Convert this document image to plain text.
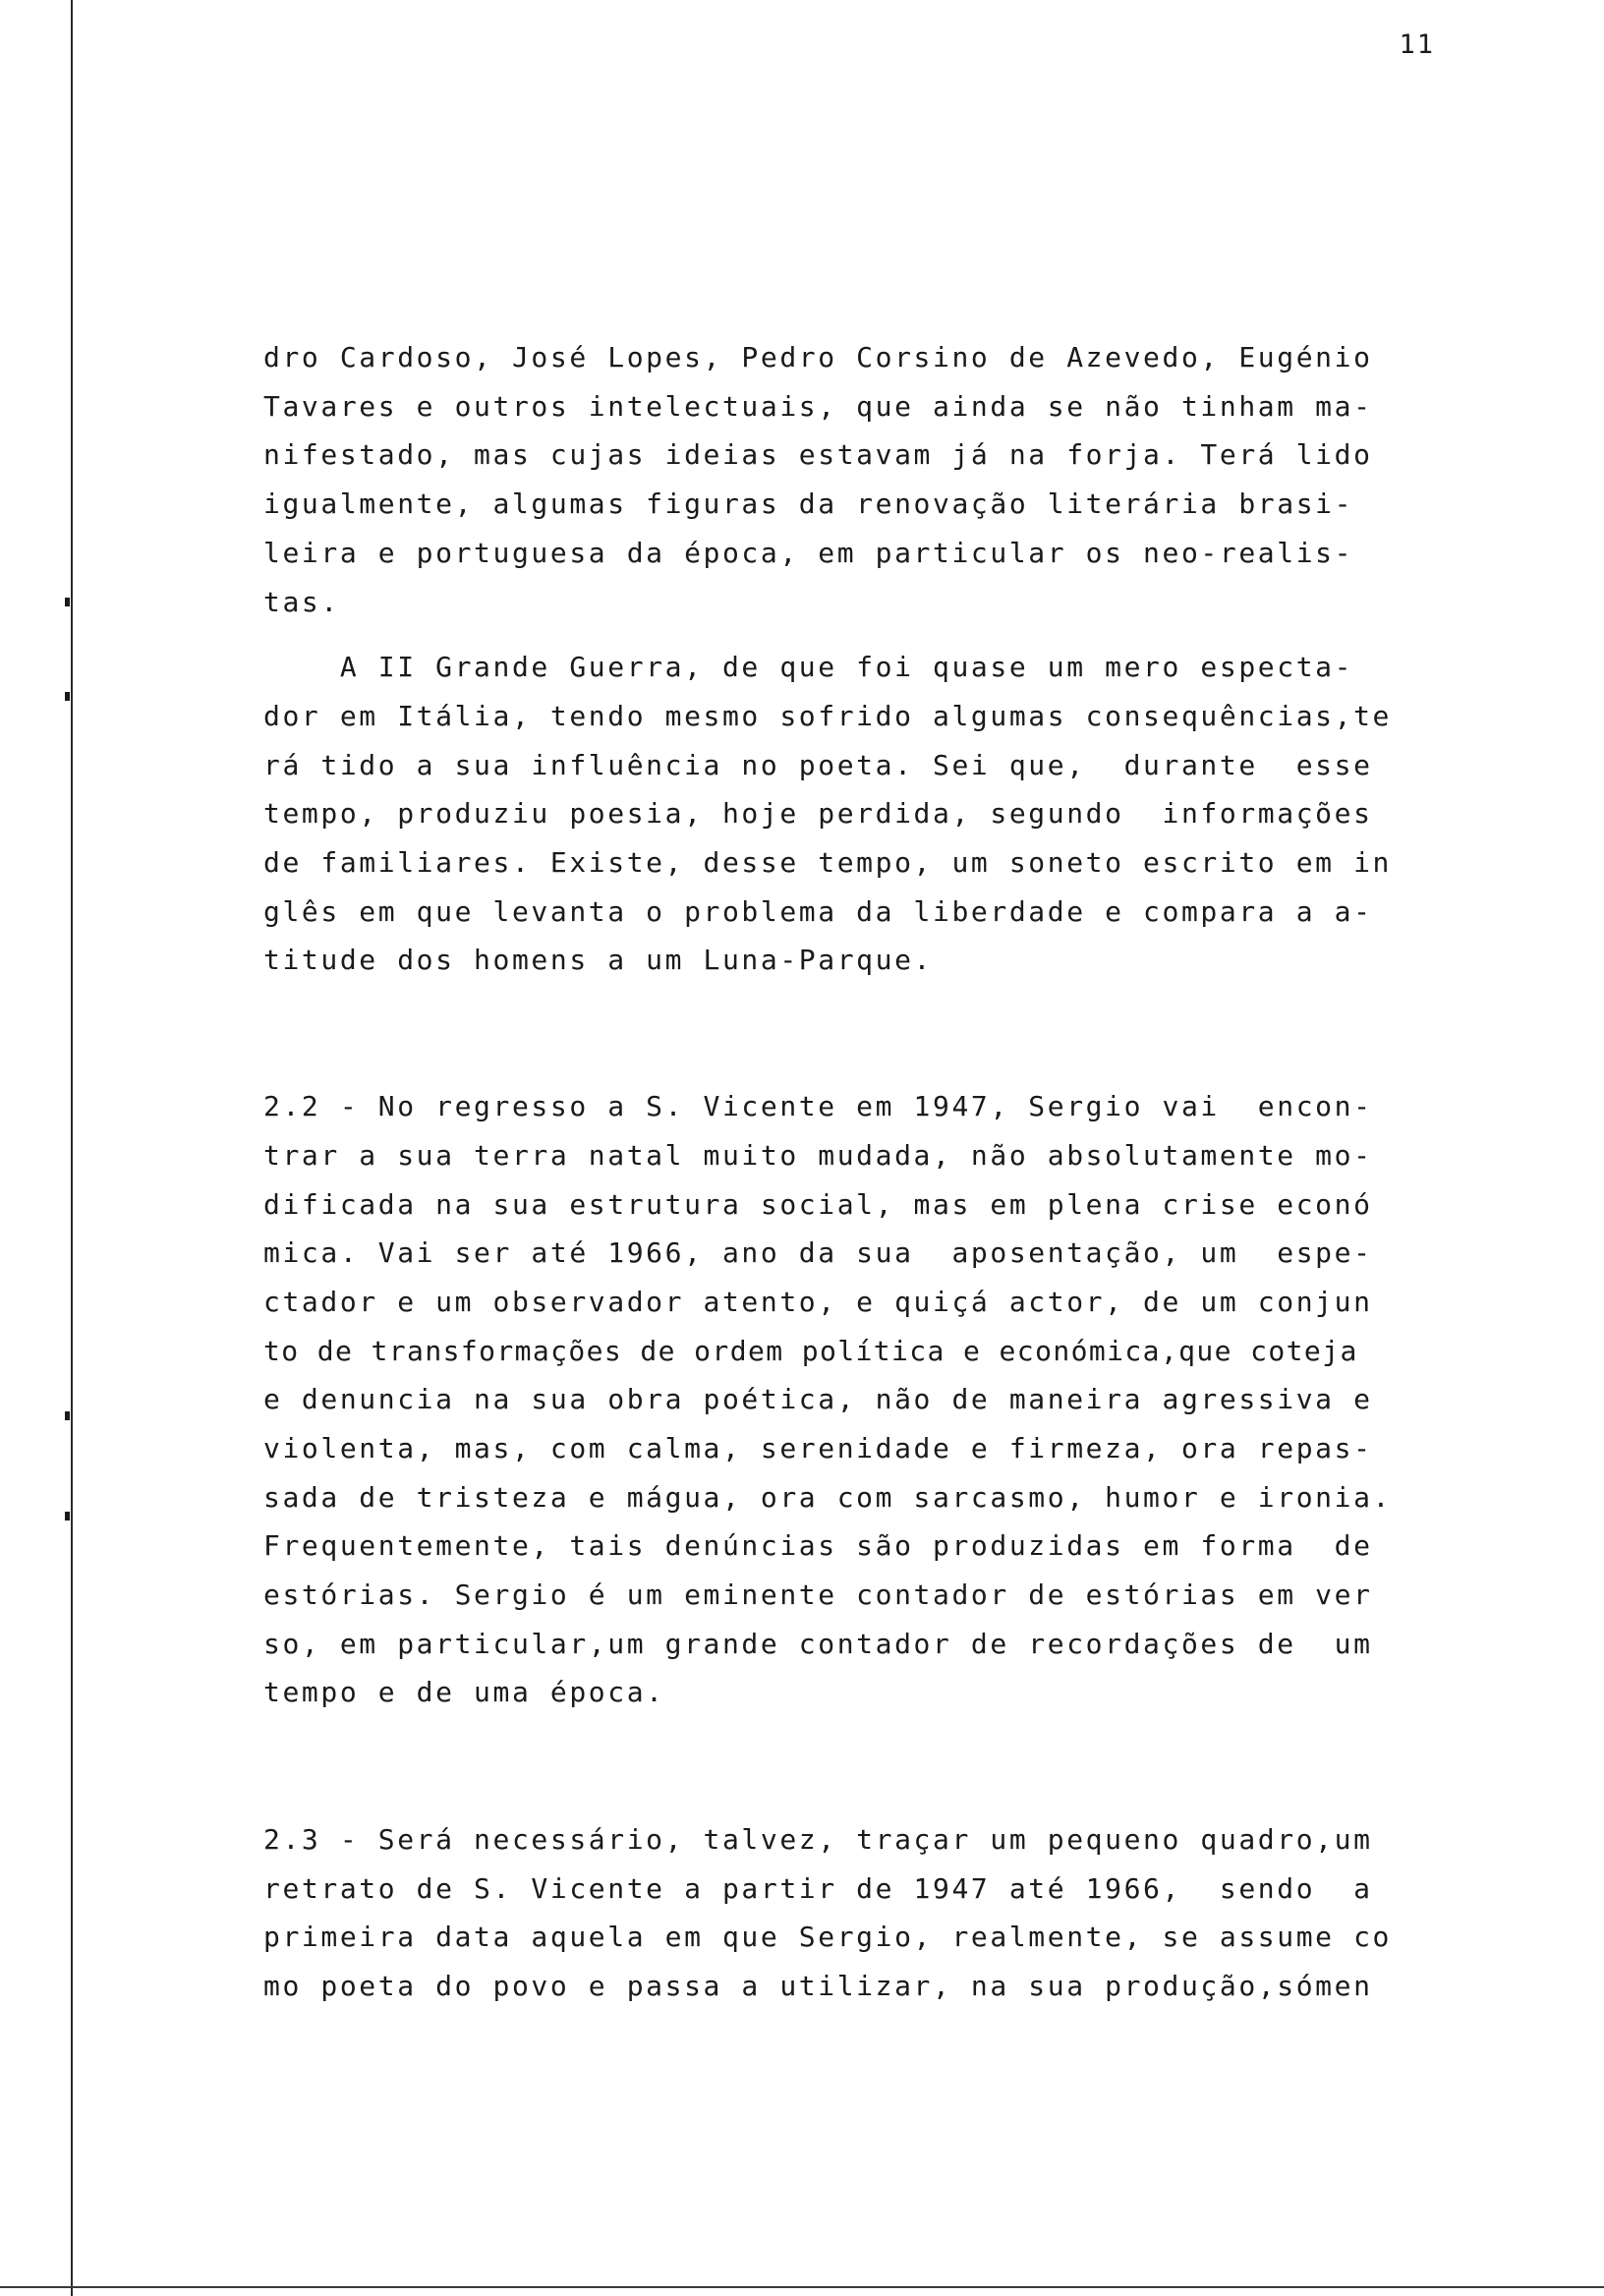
11
dro Cardoso, José Lopes, Pedro Corsino de Azevedo, Eugénio
Tavares e outros intelectuais, que ainda se não tinham ma-
nifestado, mas cujas ideias estavam já na forja. Terá lido
igualmente, algumas figuras da renovação literária brasi-
leira e portuguesa da época, em particular os neo-realis-
tas.
A II Grande Guerra, de que foi quase um mero especta-
dor em Itália, tendo mesmo sofrido algumas consequências,te
rá tido a sua influência no poeta. Sei que,  durante  esse
tempo, produziu poesia, hoje perdida, segundo  informações
de familiares. Existe, desse tempo, um soneto escrito em in
glês em que levanta o problema da liberdade e compara a a-
titude dos homens a um Luna-Parque.
2.2 - No regresso a S. Vicente em 1947, Sergio vai  encon-
trar a sua terra natal muito mudada, não absolutamente mo-
dificada na sua estrutura social, mas em plena crise econó
mica. Vai ser até 1966, ano da sua  aposentação, um  espe-
ctador e um observador atento, e quiçá actor, de um conjun
to de transformações de ordem política e económica,que coteja
e denuncia na sua obra poética, não de maneira agressiva e
violenta, mas, com calma, serenidade e firmeza, ora repas-
sada de tristeza e mágua, ora com sarcasmo, humor e ironia.
Frequentemente, tais denúncias são produzidas em forma  de
estórias. Sergio é um eminente contador de estórias em ver
so, em particular,um grande contador de recordações de  um
tempo e de uma época.
2.3 - Será necessário, talvez, traçar um pequeno quadro,um
retrato de S. Vicente a partir de 1947 até 1966,  sendo  a
primeira data aquela em que Sergio, realmente, se assume co
mo poeta do povo e passa a utilizar, na sua produção,sómen
